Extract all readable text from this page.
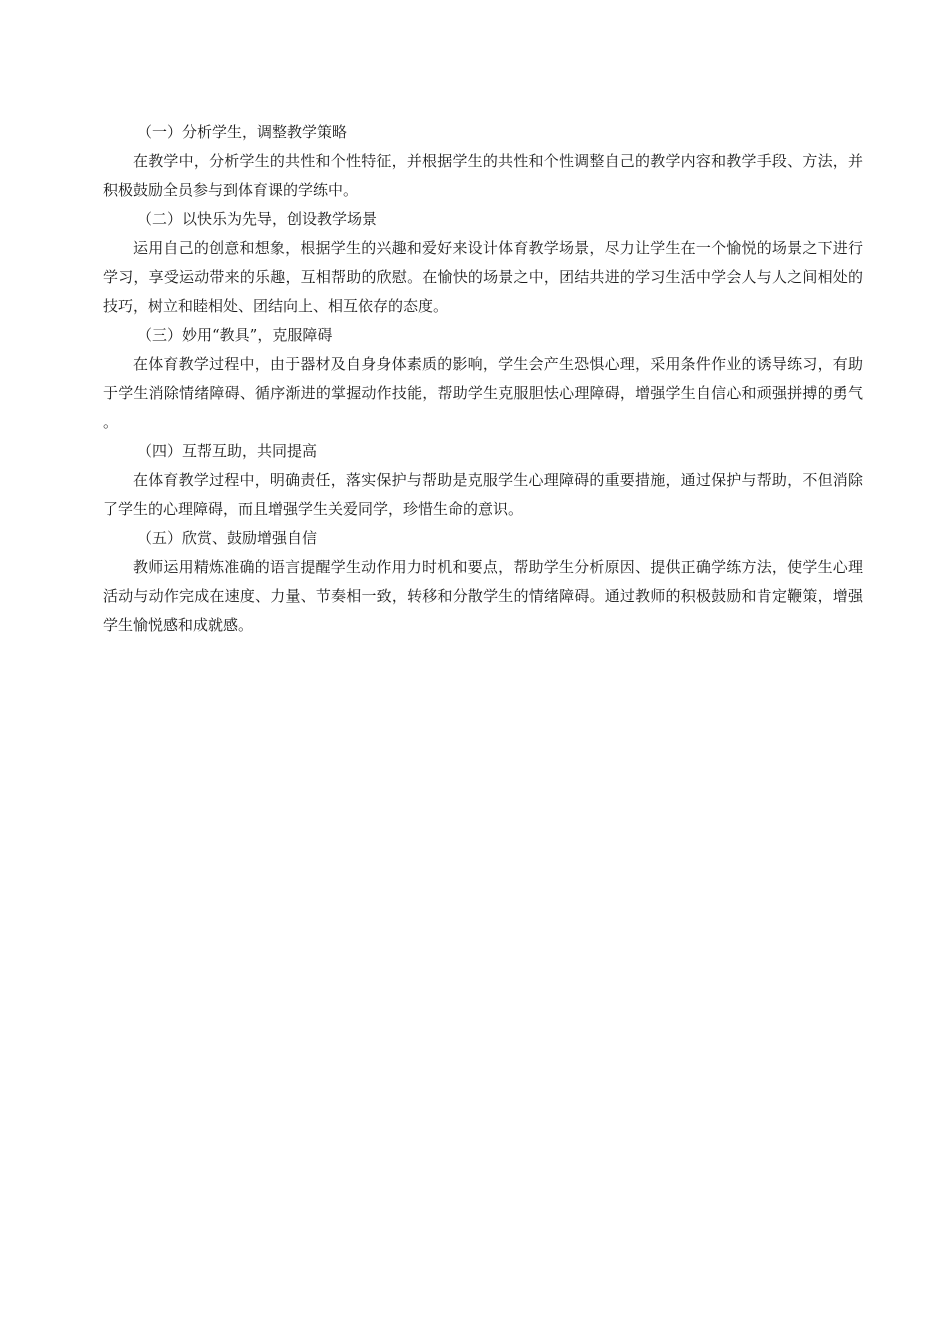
（一）分析学生，调整教学策略

在教学中，分析学生的共性和个性特征，并根据学生的共性和个性调整自己的教学内容和教学手段、方法，并积极鼓励全员参与到体育课的学练中。

（二）以快乐为先导，创设教学场景

运用自己的创意和想象，根据学生的兴趣和爱好来设计体育教学场景，尽力让学生在一个愉悦的场景之下进行学习，享受运动带来的乐趣，互相帮助的欣慰。在愉快的场景之中，团结共进的学习生活中学会人与人之间相处的技巧，树立和睦相处、团结向上、相互依存的态度。

（三）妙用“教具”，克服障碍

在体育教学过程中，由于器材及自身身体素质的影响，学生会产生恐惧心理，采用条件作业的诱导练习，有助于学生消除情绪障碍、循序渐进的掌握动作技能，帮助学生克服胆怯心理障碍，增强学生自信心和顽强拼搏的勇气。

（四）互帮互助，共同提高

在体育教学过程中，明确责任，落实保护与帮助是克服学生心理障碍的重要措施，通过保护与帮助，不但消除了学生的心理障碍，而且增强学生关爱同学，珍惜生命的意识。

（五）欣赏、鼓励增强自信

教师运用精炼准确的语言提醒学生动作用力时机和要点，帮助学生分析原因、提供正确学练方法，使学生心理活动与动作完成在速度、力量、节奏相一致，转移和分散学生的情绪障碍。通过教师的积极鼓励和肯定鞭策，增强学生愉悦感和成就感。
